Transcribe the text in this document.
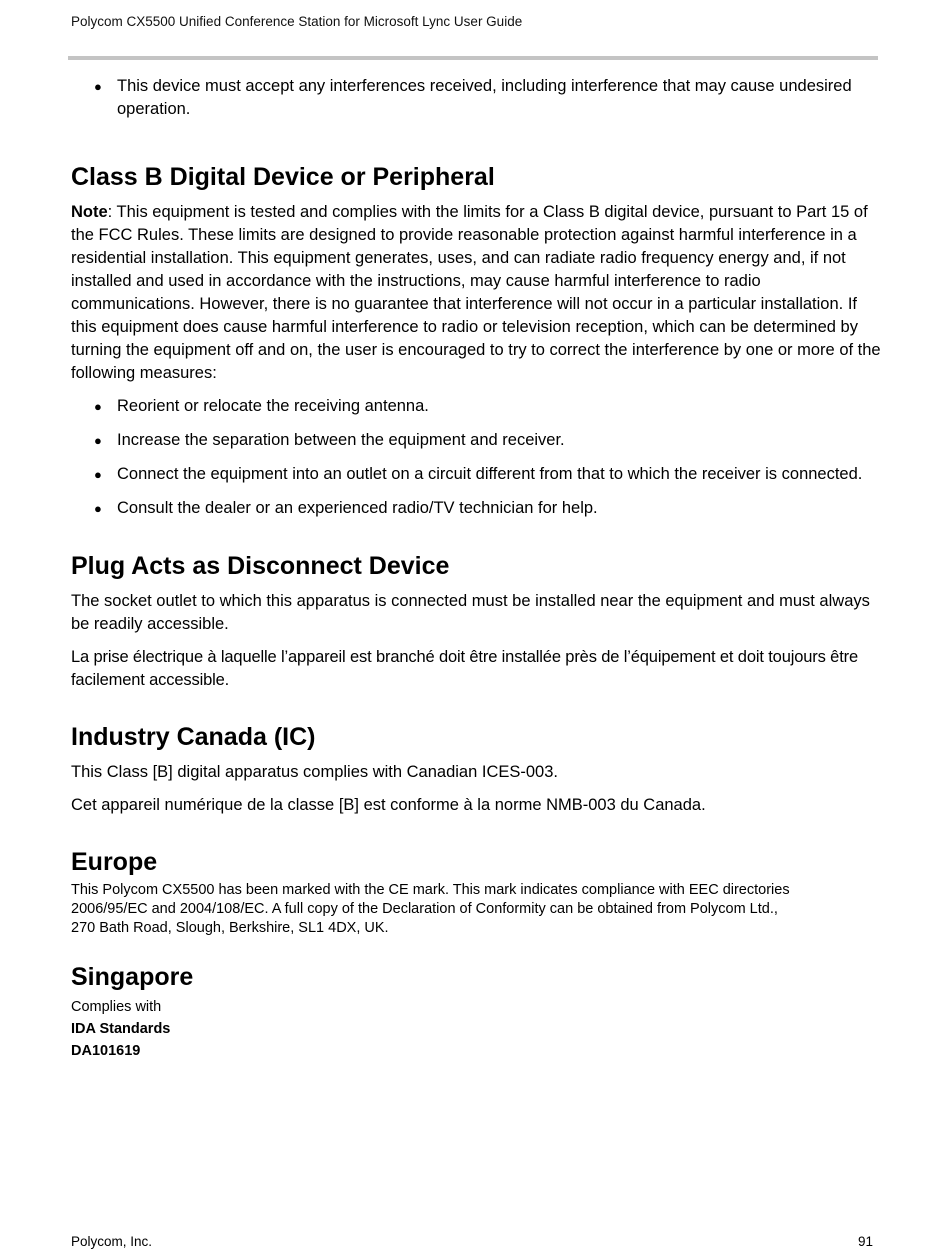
Polycom CX5500 Unified Conference Station for Microsoft Lync User Guide
● This device must accept any interferences received, including interference that may cause undesired operation.
Class B Digital Device or Peripheral

Note: This equipment is tested and complies with the limits for a Class B digital device, pursuant to Part 15 of the FCC Rules. These limits are designed to provide reasonable protection against harmful interference in a residential installation. This equipment generates, uses, and can radiate radio frequency energy and, if not installed and used in accordance with the instructions, may cause harmful interference to radio communications. However, there is no guarantee that interference will not occur in a particular installation. If this equipment does cause harmful interference to radio or television reception, which can be determined by turning the equipment off and on, the user is encouraged to try to correct the interference by one or more of the following measures:

● Reorient or relocate the receiving antenna.
● Increase the separation between the equipment and receiver.
● Connect the equipment into an outlet on a circuit different from that to which the receiver is connected.
● Consult the dealer or an experienced radio/TV technician for help.
Plug Acts as Disconnect Device

The socket outlet to which this apparatus is connected must be installed near the equipment and must always be readily accessible.

La prise électrique à laquelle l’appareil est branché doit être installée près de l’équipement et doit toujours être facilement accessible.

Industry Canada (IC)

This Class [B] digital apparatus complies with Canadian ICES-003.

Cet appareil numérique de la classe [B] est conforme à la norme NMB-003 du Canada.

Europe

This Polycom CX5500 has been marked with the CE mark. This mark indicates compliance with EEC directories

2006/95/EC and 2004/108/EC. A full copy of the Declaration of Conformity can be obtained from Polycom Ltd.,

270 Bath Road, Slough, Berkshire, SL1 4DX, UK.

Singapore

Complies with

IDA Standards

DA101619

Polycom, Inc.	91
